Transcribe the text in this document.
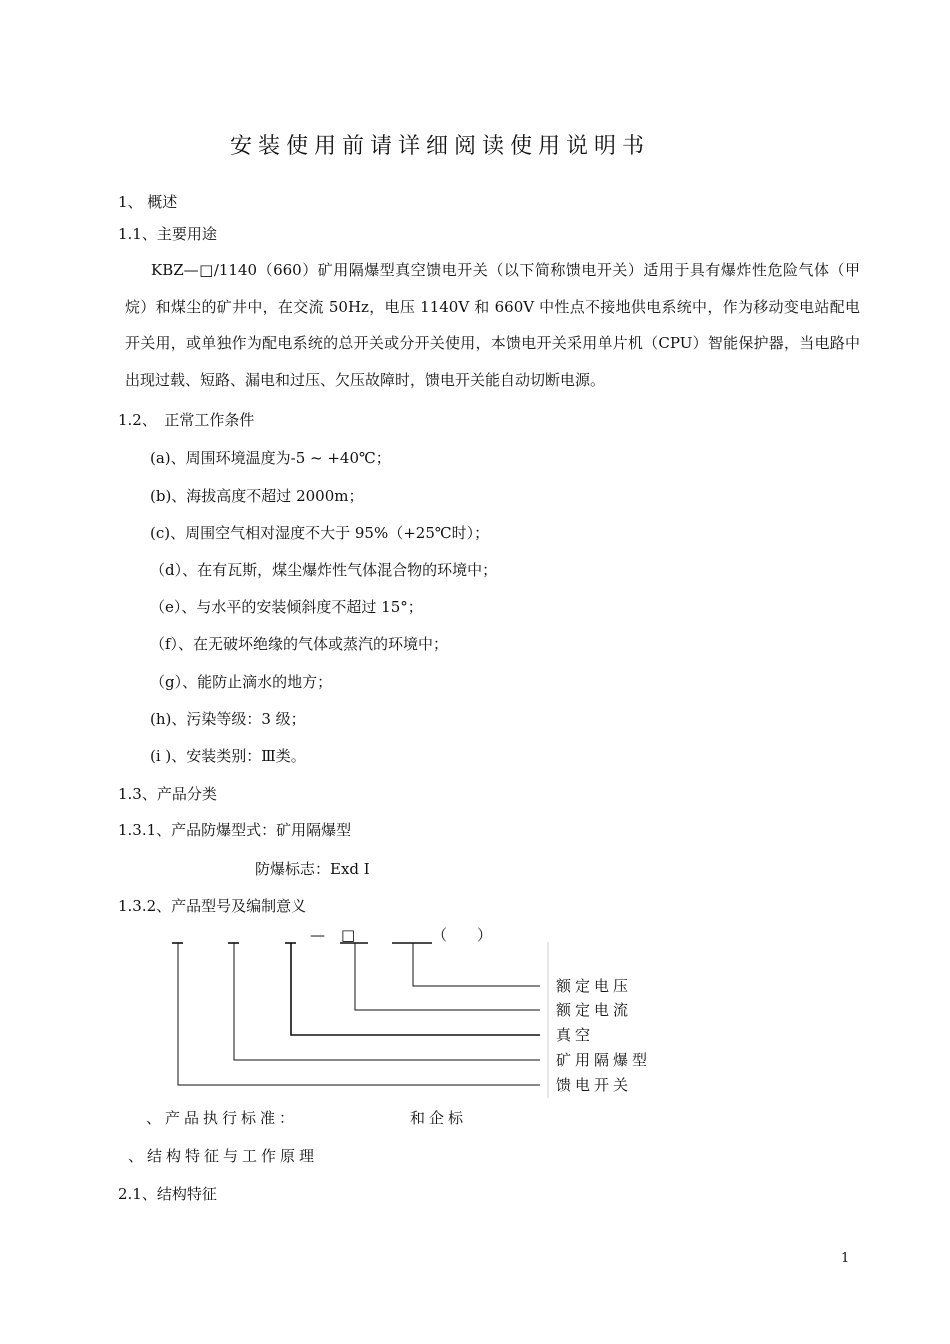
安装使用前请详细阅读使用说明书
1、 概述
1.1、主要用途
KBZ—□/1140（660）矿用隔爆型真空馈电开关（以下简称馈电开关）适用于具有爆炸性危险气体（甲烷）和煤尘的矿井中，在交流 50Hz，电压 1140V 和 660V 中性点不接地供电系统中，作为移动变电站配电开关用，或单独作为配电系统的总开关或分开关使用，本馈电开关采用单片机（CPU）智能保护器，当电路中出现过载、短路、漏电和过压、欠压故障时，馈电开关能自动切断电源。
1.2、　正常工作条件
(a)、周围环境温度为-5 ~ +40℃；
(b)、海拔高度不超过 2000m；
(c)、周围空气相对湿度不大于 95%（+25℃时）；
（d）、在有瓦斯，煤尘爆炸性气体混合物的环境中；
（e）、与水平的安装倾斜度不超过 15°；
（f）、在无破坏绝缘的气体或蒸汽的环境中；
（g）、能防止滴水的地方；
(h)、污染等级：3 级；
(i )、安装类别：Ⅲ类。
1.3、产品分类
1.3.1、产品防爆型式：矿用隔爆型
防爆标志：Exd Ⅰ
1.3.2、产品型号及编制意义
— □	（　　）
额定电压
额定电流
真空
矿用隔爆型
馈电开关
、产品执行标准：	和企标
、结构特征与工作原理
2.1、结构特征
1
